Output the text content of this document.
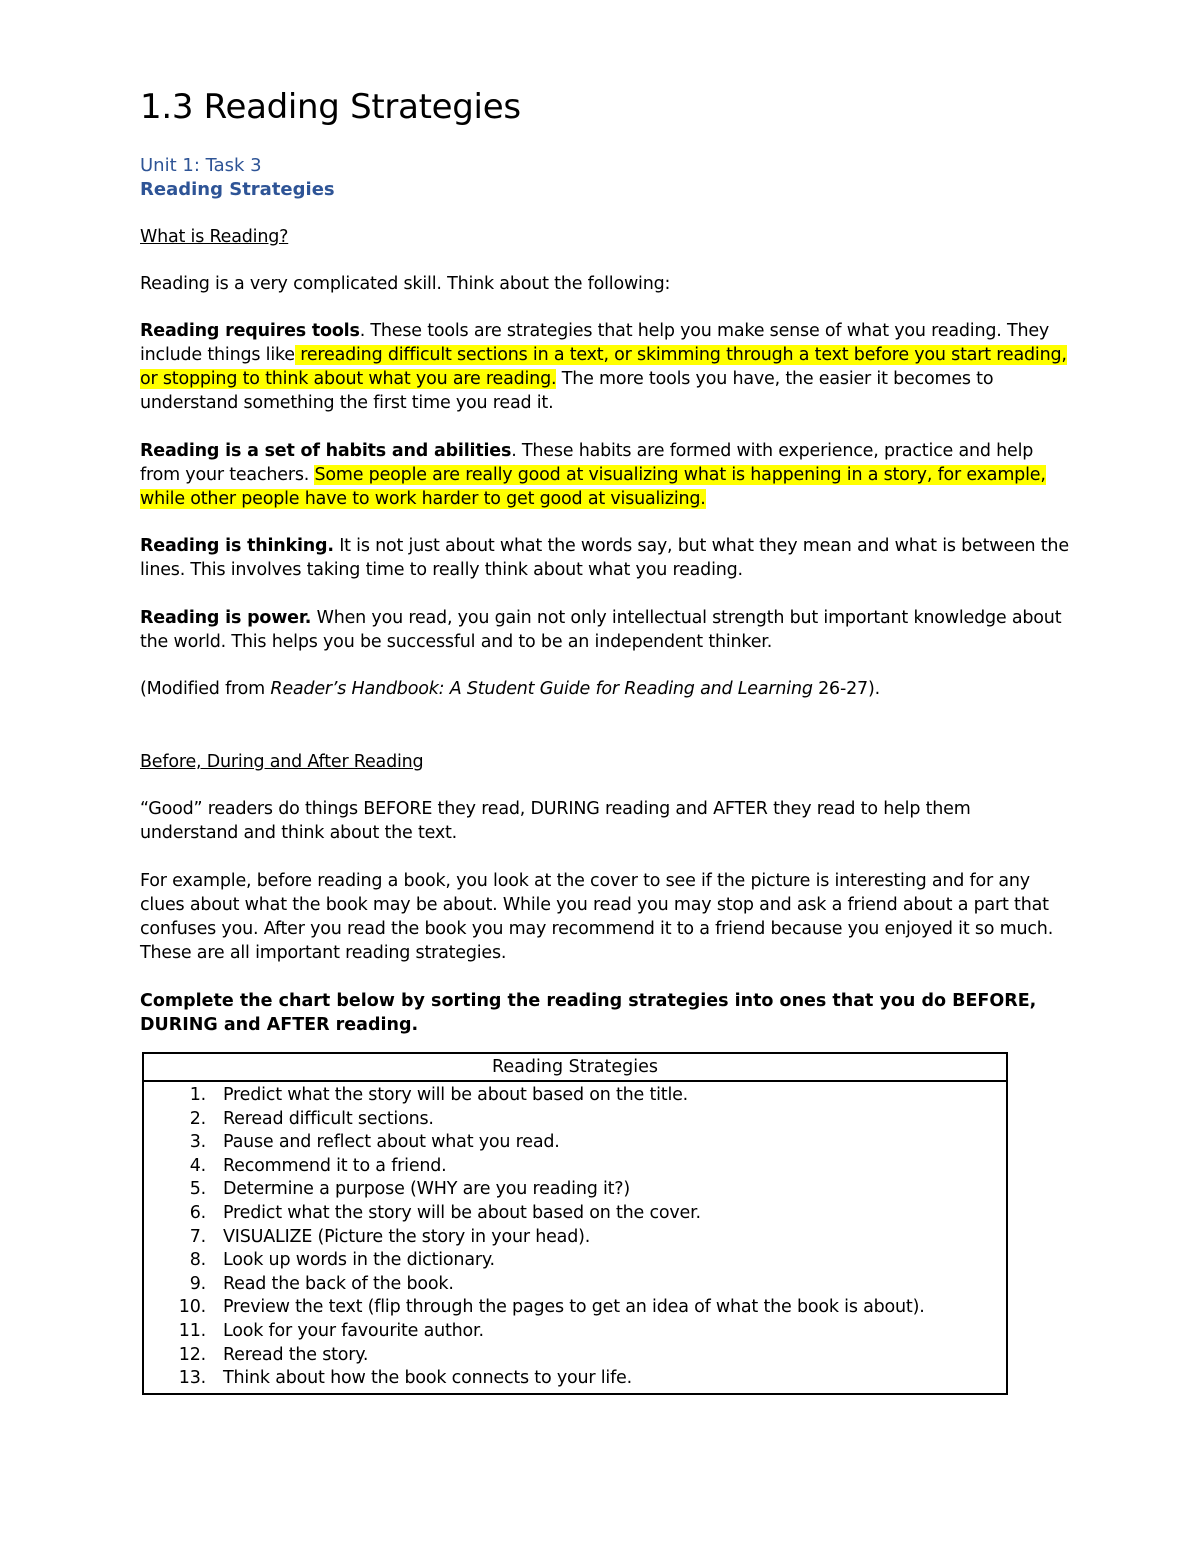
1.3 Reading Strategies
Unit 1: Task 3
Reading Strategies

What is Reading?

Reading is a very complicated skill. Think about the following:

Reading requires tools. These tools are strategies that help you make sense of what you reading. They include things like rereading difficult sections in a text, or skimming through a text before you start reading, or stopping to think about what you are reading. The more tools you have, the easier it becomes to understand something the first time you read it.

Reading is a set of habits and abilities. These habits are formed with experience, practice and help from your teachers. Some people are really good at visualizing what is happening in a story, for example, while other people have to work harder to get good at visualizing.

Reading is thinking. It is not just about what the words say, but what they mean and what is between the lines. This involves taking time to really think about what you reading.

Reading is power. When you read, you gain not only intellectual strength but important knowledge about the world. This helps you be successful and to be an independent thinker.

(Modified from Reader’s Handbook: A Student Guide for Reading and Learning 26-27).

Before, During and After Reading

“Good” readers do things BEFORE they read, DURING reading and AFTER they read to help them understand and think about the text.

For example, before reading a book, you look at the cover to see if the picture is interesting and for any clues about what the book may be about. While you read you may stop and ask a friend about a part that confuses you. After you read the book you may recommend it to a friend because you enjoyed it so much. These are all important reading strategies.

Complete the chart below by sorting the reading strategies into ones that you do BEFORE, DURING and AFTER reading.
Reading Strategies
1. Predict what the story will be about based on the title.
2. Reread difficult sections.
3. Pause and reflect about what you read.
4. Recommend it to a friend.
5. Determine a purpose (WHY are you reading it?)
6. Predict what the story will be about based on the cover.
7. VISUALIZE (Picture the story in your head).
8. Look up words in the dictionary.
9. Read the back of the book.
10. Preview the text (flip through the pages to get an idea of what the book is about).
11. Look for your favourite author.
12. Reread the story.
13. Think about how the book connects to your life.
